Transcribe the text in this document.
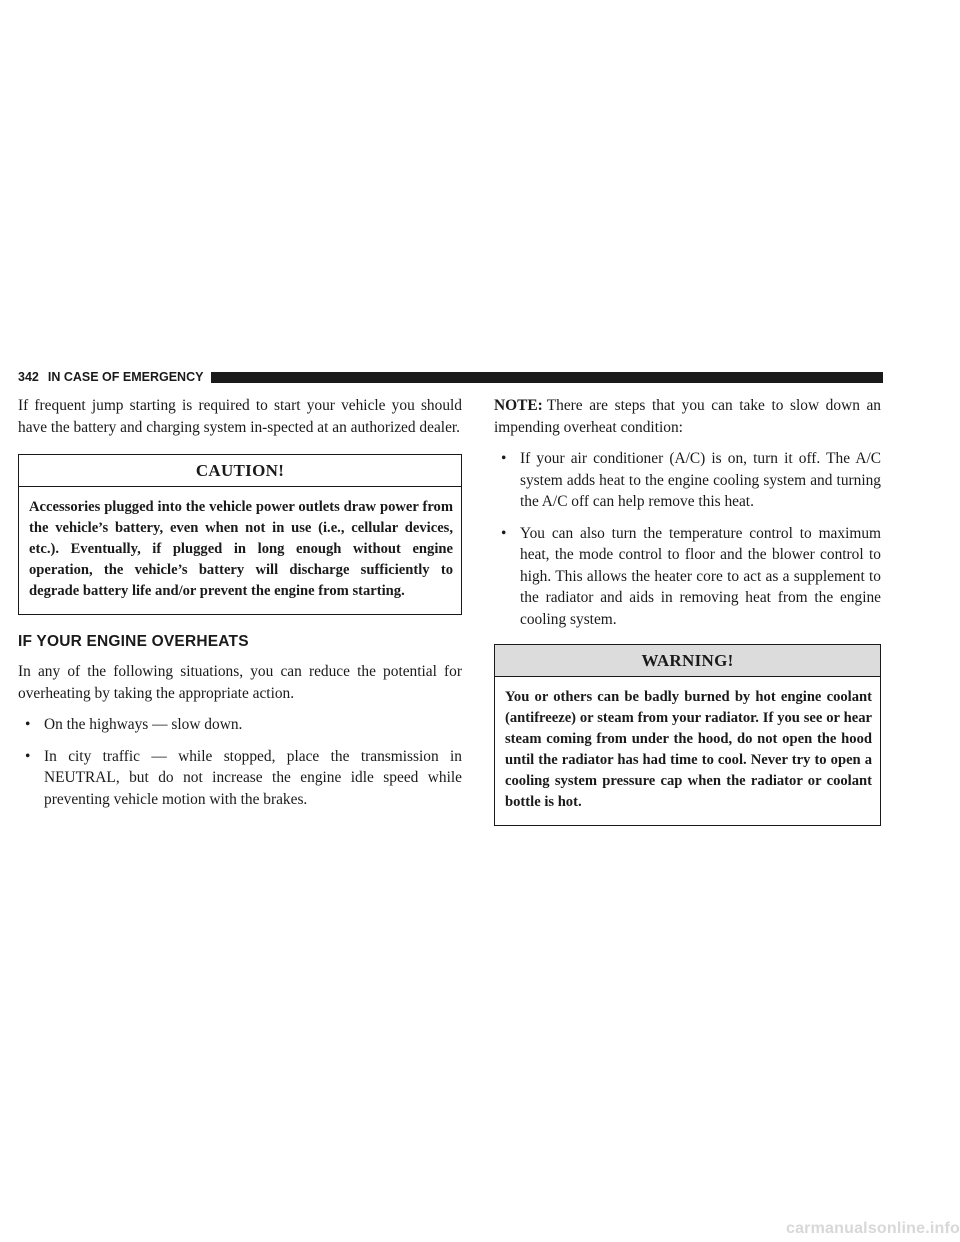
342 IN CASE OF EMERGENCY

If frequent jump starting is required to start your vehicle you should have the battery and charging system in-spected at an authorized dealer.

CAUTION!
Accessories plugged into the vehicle power outlets draw power from the vehicle’s battery, even when not in use (i.e., cellular devices, etc.). Eventually, if plugged in long enough without engine operation, the vehicle’s battery will discharge sufficiently to degrade battery life and/or prevent the engine from starting.
IF YOUR ENGINE OVERHEATS

In any of the following situations, you can reduce the potential for overheating by taking the appropriate action.

• On the highways — slow down.
• In city traffic — while stopped, place the transmission in NEUTRAL, but do not increase the engine idle speed while preventing vehicle motion with the brakes.

NOTE: There are steps that you can take to slow down an impending overheat condition:

• If your air conditioner (A/C) is on, turn it off. The A/C system adds heat to the engine cooling system and turning the A/C off can help remove this heat.
• You can also turn the temperature control to maximum heat, the mode control to floor and the blower control to high. This allows the heater core to act as a supplement to the radiator and aids in removing heat from the engine cooling system.
WARNING!
You or others can be badly burned by hot engine coolant (antifreeze) or steam from your radiator. If you see or hear steam coming from under the hood, do not open the hood until the radiator has had time to cool. Never try to open a cooling system pressure cap when the radiator or coolant bottle is hot.
carmanualsonline.info
